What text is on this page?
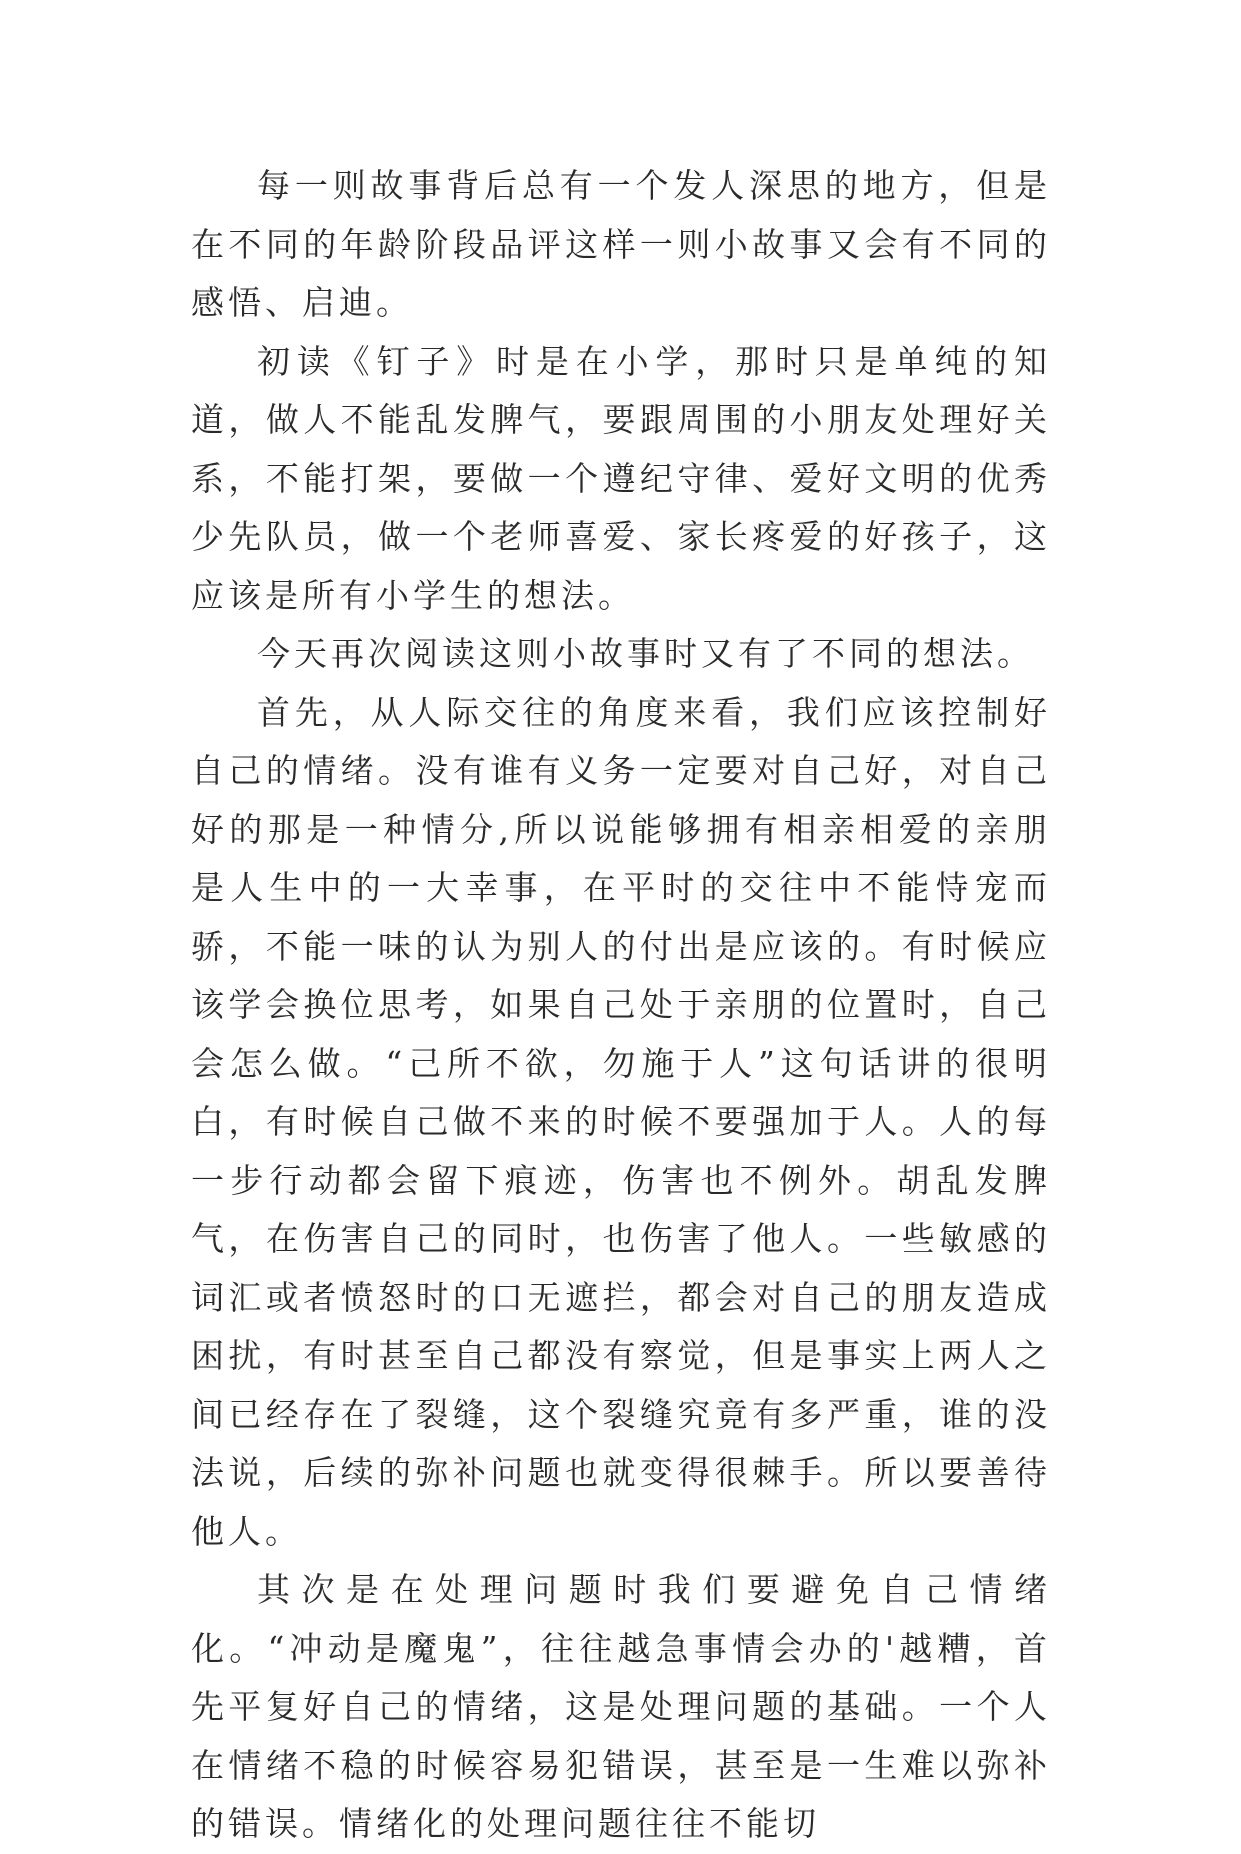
每一则故事背后总有一个发人深思的地方，但是在不同的年龄阶段品评这样一则小故事又会有不同的感悟、启迪。

初读《钉子》时是在小学，那时只是单纯的知道，做人不能乱发脾气，要跟周围的小朋友处理好关系，不能打架，要做一个遵纪守律、爱好文明的优秀少先队员，做一个老师喜爱、家长疼爱的好孩子，这应该是所有小学生的想法。

今天再次阅读这则小故事时又有了不同的想法。

首先，从人际交往的角度来看，我们应该控制好自己的情绪。没有谁有义务一定要对自己好，对自己好的那是一种情分,所以说能够拥有相亲相爱的亲朋是人生中的一大幸事，在平时的交往中不能恃宠而骄，不能一味的认为别人的付出是应该的。有时候应该学会换位思考，如果自己处于亲朋的位置时，自己会怎么做。“己所不欲，勿施于人”这句话讲的很明白，有时候自己做不来的时候不要强加于人。人的每一步行动都会留下痕迹，伤害也不例外。胡乱发脾气，在伤害自己的同时，也伤害了他人。一些敏感的词汇或者愤怒时的口无遮拦，都会对自己的朋友造成困扰，有时甚至自己都没有察觉，但是事实上两人之间已经存在了裂缝，这个裂缝究竟有多严重，谁的没法说，后续的弥补问题也就变得很棘手。所以要善待他人。

其次是在处理问题时我们要避免自己情绪化。“冲动是魔鬼”，往往越急事情会办的'越糟，首先平复好自己的情绪，这是处理问题的基础。一个人在情绪不稳的时候容易犯错误，甚至是一生难以弥补的错误。情绪化的处理问题往往不能切
